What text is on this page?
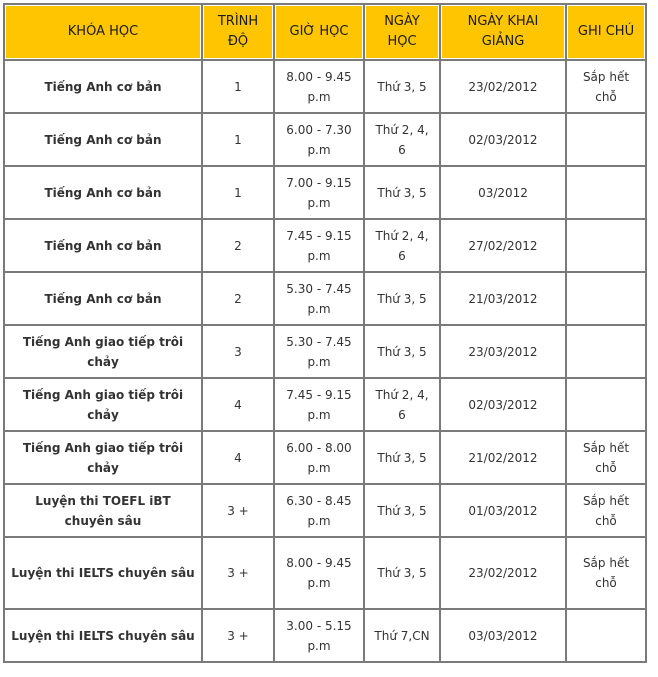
KHÓA HỌC	TRÌNH ĐỘ	GIỜ HỌC	NGÀY HỌC	NGÀY KHAI GIẢNG	GHI CHÚ
Tiếng Anh cơ bản	1	8.00 - 9.45 p.m	Thứ 3, 5	23/02/2012	Sắp hết chỗ
Tiếng Anh cơ bản	1	6.00 - 7.30 p.m	Thứ 2, 4, 6	02/03/2012	
Tiếng Anh cơ bản	1	7.00 - 9.15 p.m	Thứ 3, 5	03/2012	
Tiếng Anh cơ bản	2	7.45 - 9.15 p.m	Thứ 2, 4, 6	27/02/2012	
Tiếng Anh cơ bản	2	5.30 - 7.45 p.m	Thứ 3, 5	21/03/2012	
Tiếng Anh giao tiếp trôi chảy	3	5.30 - 7.45 p.m	Thứ 3, 5	23/03/2012	
Tiếng Anh giao tiếp trôi chảy	4	7.45 - 9.15 p.m	Thứ 2, 4, 6	02/03/2012	
Tiếng Anh giao tiếp trôi chảy	4	6.00 - 8.00 p.m	Thứ 3, 5	21/02/2012	Sắp hết chỗ
Luyện thi TOEFL iBT chuyên sâu	3 +	6.30 - 8.45 p.m	Thứ 3, 5	01/03/2012	Sắp hết chỗ
Luyện thi IELTS chuyên sâu	3 +	8.00 - 9.45 p.m	Thứ 3, 5	23/02/2012	Sắp hết chỗ
Luyện thi IELTS chuyên sâu	3 +	3.00 - 5.15 p.m	Thứ 7,CN	03/03/2012	
